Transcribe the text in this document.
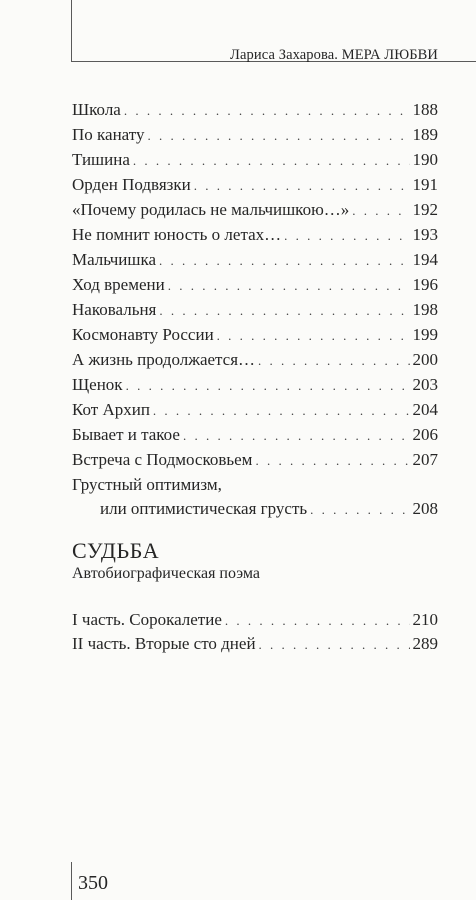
Лариса Захарова. МЕРА ЛЮБВИ
Школа . . .	188
По канату . . .	189
Тишина . . .	190
Орден Подвязки . . .	191
«Почему родилась не мальчишкою…» . . .	192
Не помнит юность о летах… . . .	193
Мальчишка . . .	194
Ход времени . . .	196
Наковальня . . .	198
Космонавту России . . .	199
А жизнь продолжается… . . .	200
Щенок . . .	203
Кот Архип . . .	204
Бывает и такое . . .	206
Встреча с Подмосковьем . . .	207
Грустный оптимизм,
или оптимистическая грусть . . .	208
СУДЬБА
Автобиографическая поэма
I часть. Сорокалетие . . .	210
II часть. Вторые сто дней . . .	289
350
